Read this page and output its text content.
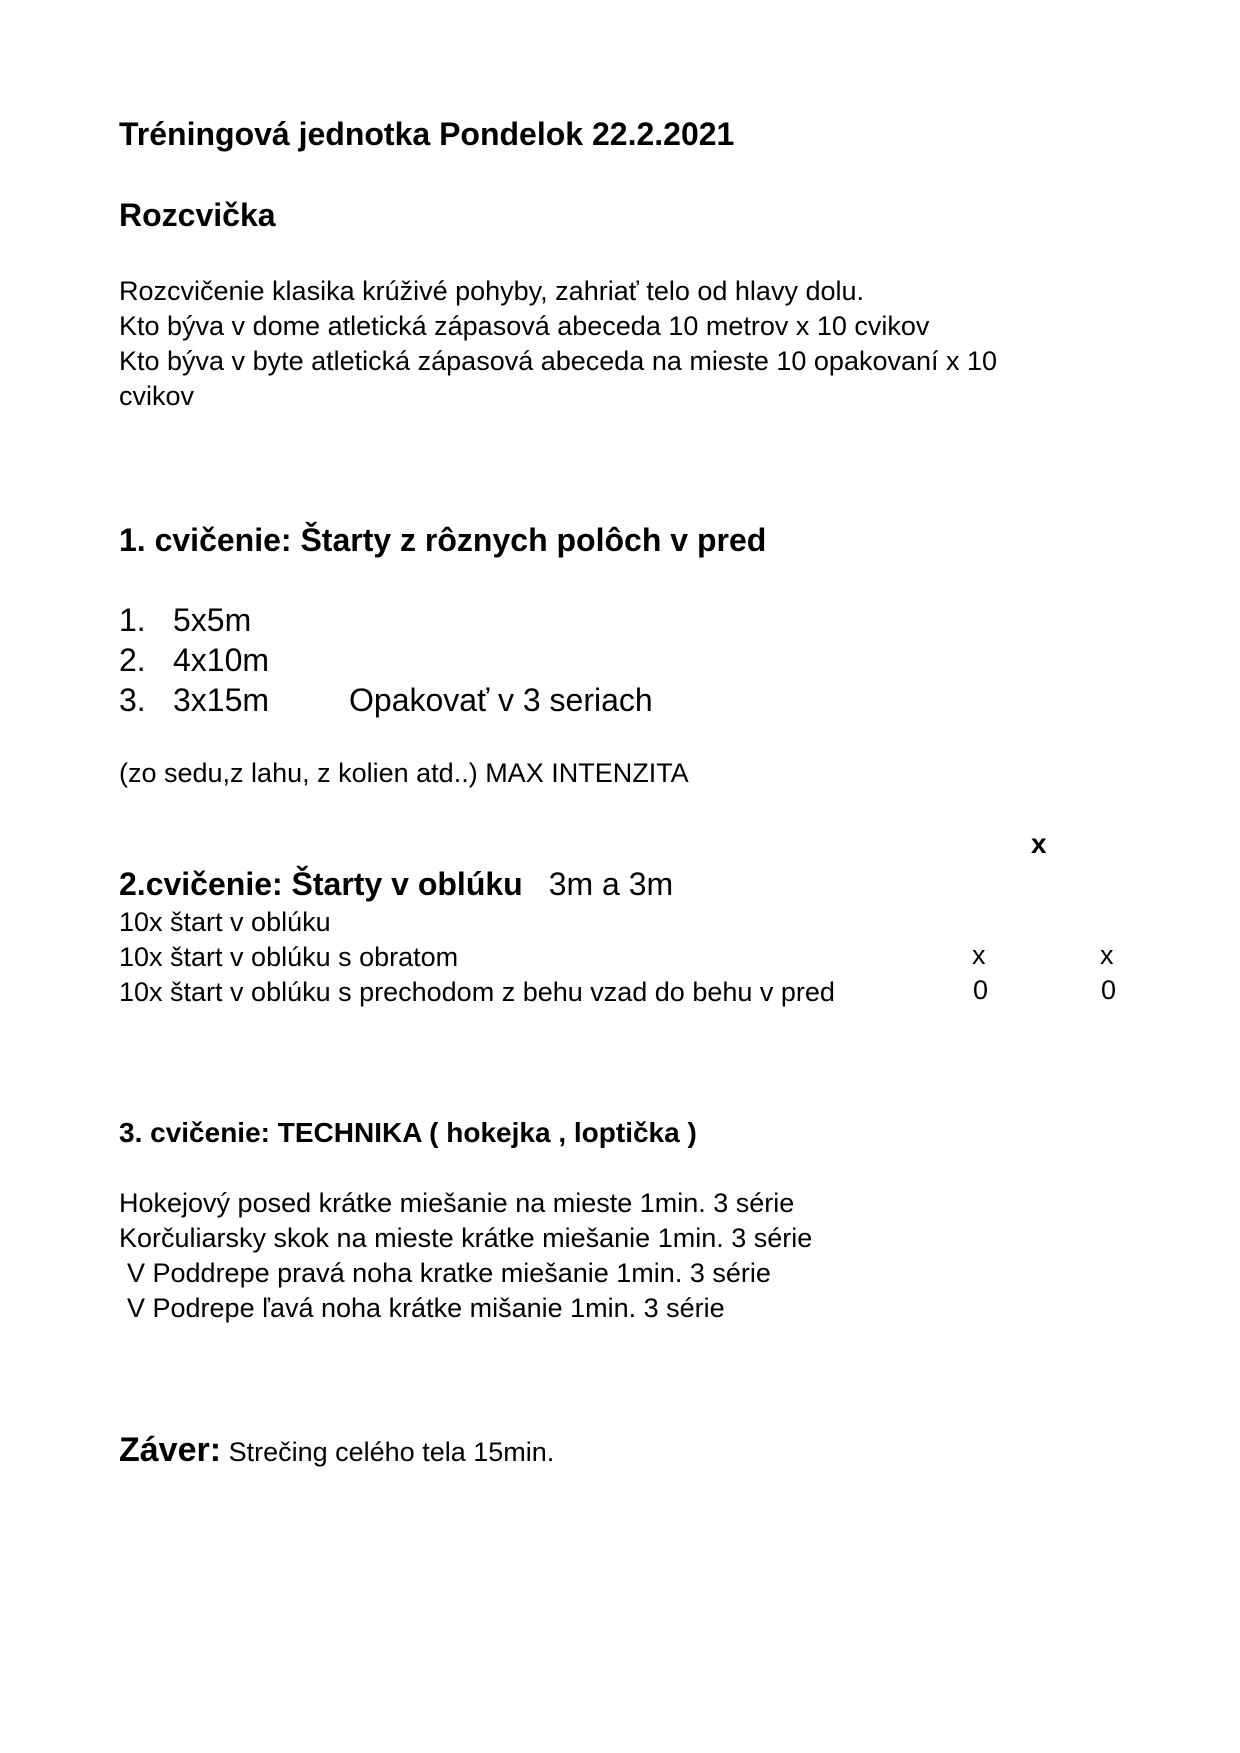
Tréningová jednotka Pondelok 22.2.2021
Rozcvička
Rozcvičenie klasika krúživé pohyby, zahriať telo od hlavy dolu.
Kto býva v dome atletická zápasová abeceda 10 metrov x 10 cvikov
Kto býva v byte atletická zápasová abeceda na mieste 10 opakovaní x 10 cvikov
1. cvičenie: Štarty z rôznych polôch v pred
1. 5x5m
2. 4x10m
3. 3x15m	Opakovať v 3 seriach
(zo sedu,z lahu, z kolien atd..) MAX INTENZITA
x
2.cvičenie: Štarty v oblúku 3m a 3m
10x štart v oblúku
10x štart v oblúku s obratom
10x štart v oblúku s prechodom z behu vzad do behu v pred
x	x
0	0
3. cvičenie: TECHNIKA ( hokejka , loptička )
Hokejový posed krátke miešanie na mieste 1min. 3 série
Korčuliarsky skok na mieste krátke miešanie 1min. 3 série
V Poddrepe pravá noha kratke miešanie 1min. 3 série
V Podrepe ľavá noha krátke mišanie 1min. 3 série
Záver: Strečing celého tela 15min.
